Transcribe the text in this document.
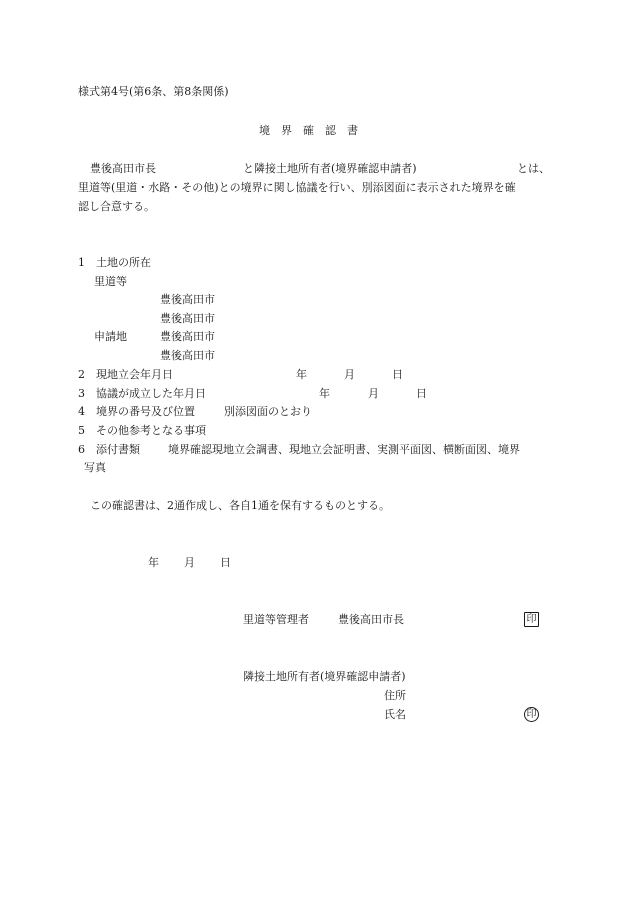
様式第4号(第6条、第8条関係)
境　界　確　認　書
豊後高田市長	と隣接土地所有者(境界確認申請者)	とは、
里道等(里道・水路・その他)との境界に関し協議を行い、別添図面に表示された境界を確
認し合意する。
1　土地の所在
里道等
豊後高田市
豊後高田市
申請地	豊後高田市
豊後高田市
2　現地立会年月日	年	月	日
3　協議が成立した年月日	年	月	日
4　境界の番号及び位置	別添図面のとおり
5　その他参考となる事項
6　添付書類	境界確認現地立会調書、現地立会証明書、実測平面図、横断面図、境界
写真
この確認書は、2通作成し、各自1通を保有するものとする。
年 月 日
里道等管理者	豊後高田市長	印
隣接土地所有者(境界確認申請者)
住所
氏名	印
